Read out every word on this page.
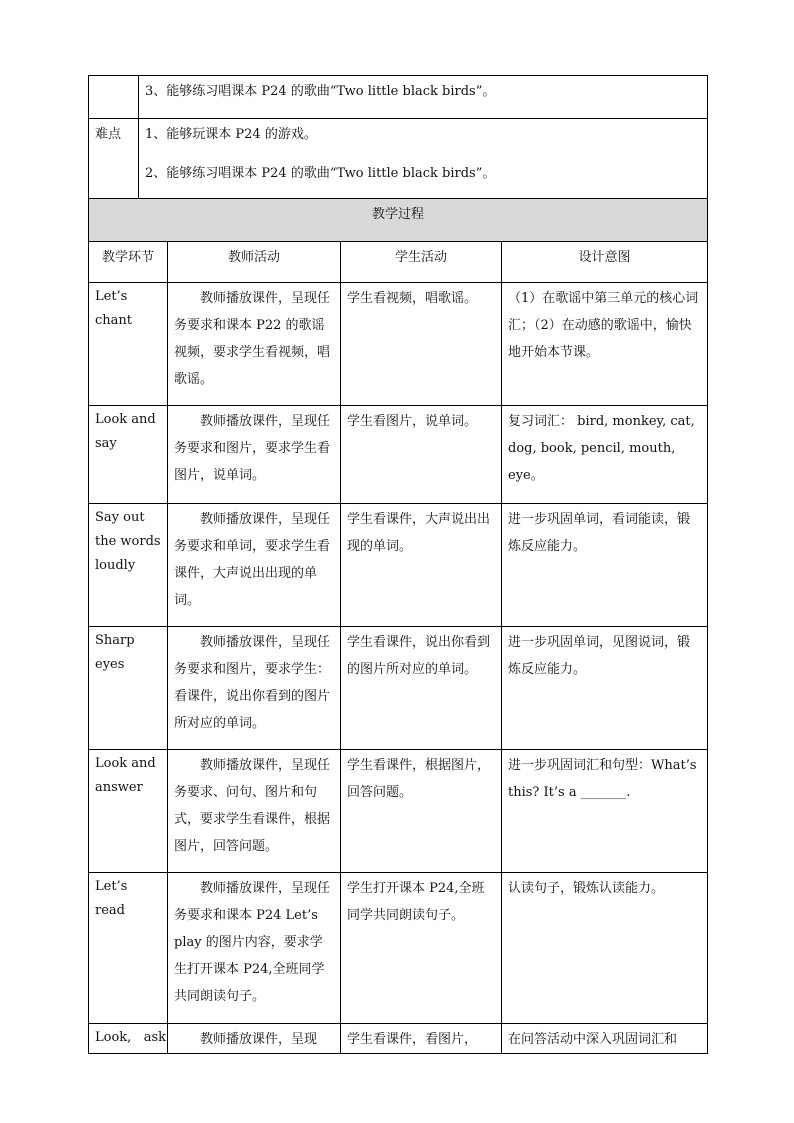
	3、能够练习唱课本 P24 的歌曲“Two little black birds”。
难点	1、能够玩课本 P24 的游戏。
2、能够练习唱课本 P24 的歌曲“Two little black birds”。
教学过程			
教学环节	教师活动	学生活动	设计意图
Let’s chant	教师播放课件，呈现任务要求和课本 P22 的歌谣视频，要求学生看视频，唱歌谣。	学生看视频，唱歌谣。	（1）在歌谣中第三单元的核心词汇；（2）在动感的歌谣中，愉快地开始本节课。
Look and say	教师播放课件，呈现任务要求和图片，要求学生看图片，说单词。	学生看图片，说单词。	复习词汇： bird, monkey, cat, dog, book, pencil, mouth, eye。
Say out the words loudly	教师播放课件，呈现任务要求和单词，要求学生看课件，大声说出出现的单词。	学生看课件，大声说出出现的单词。	进一步巩固单词，看词能读，锻炼反应能力。
Sharp eyes	教师播放课件，呈现任务要求和图片，要求学生：看课件，说出你看到的图片所对应的单词。	学生看课件，说出你看到的图片所对应的单词。	进一步巩固单词，见图说词，锻炼反应能力。
Look and answer	教师播放课件，呈现任务要求、问句、图片和句式，要求学生看课件，根据图片，回答问题。	学生看课件，根据图片，回答问题。	进一步巩固词汇和句型：What’s this? It’s a _______.
Let’s read	教师播放课件，呈现任务要求和课本 P24 Let’s play 的图片内容，要求学生打开课本 P24,全班同学共同朗读句子。	学生打开课本 P24,全班同学共同朗读句子。	认读句子，锻炼认读能力。
Look,   ask	教师播放课件，呈现	学生看课件，看图片，	在问答活动中深入巩固词汇和
